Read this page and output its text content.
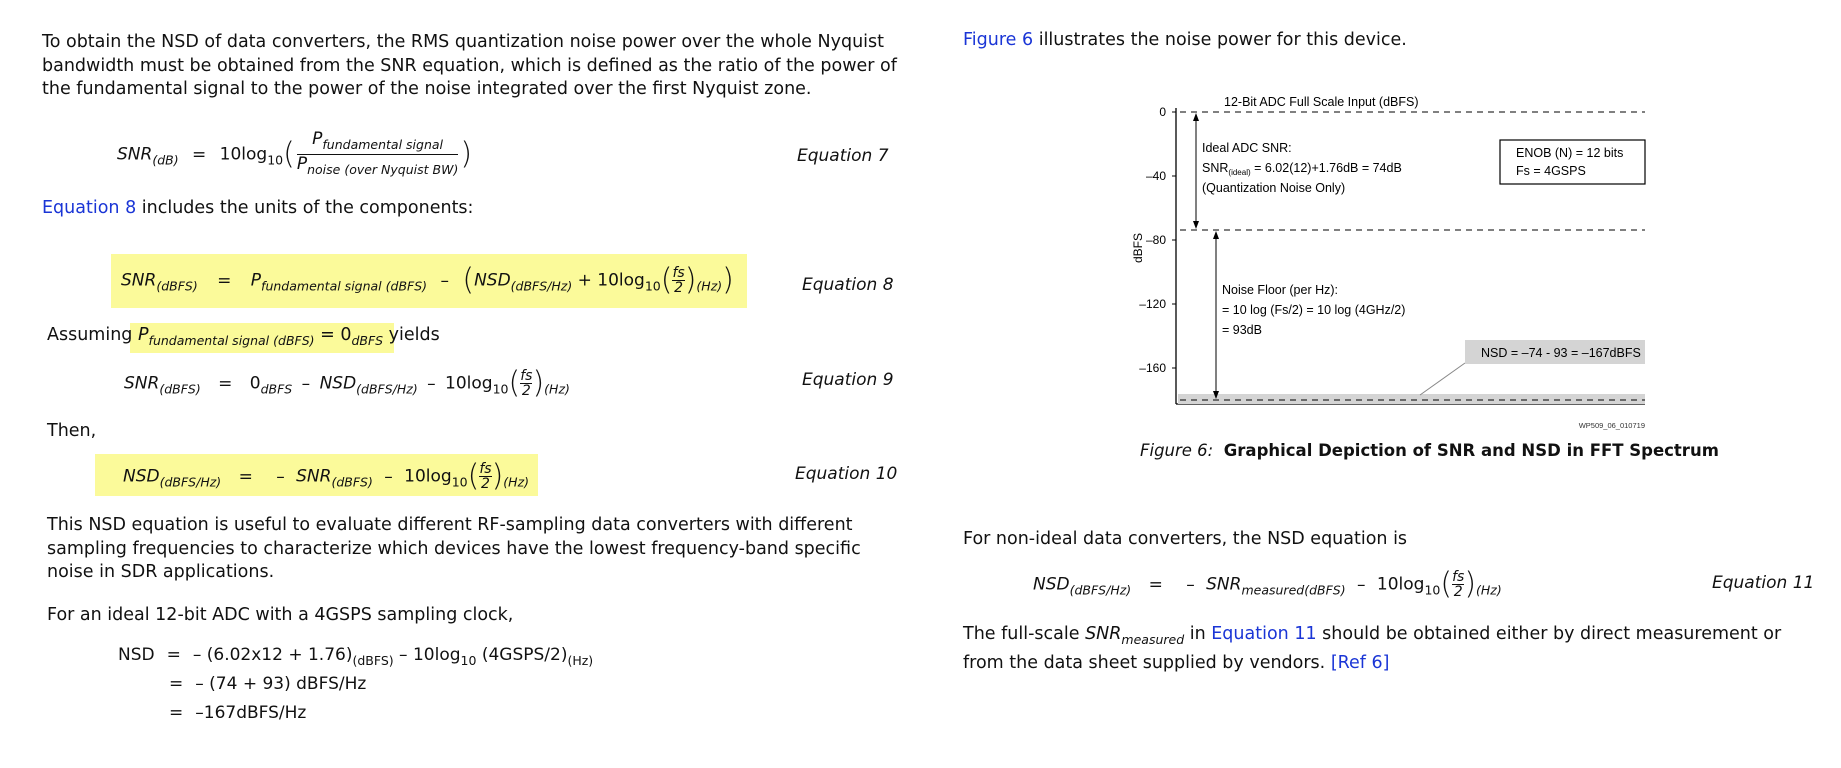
To obtain the NSD of data converters, the RMS quantization noise power over the whole Nyquist bandwidth must be obtained from the SNR equation, which is defined as the ratio of the power of the fundamental signal to the power of the noise integrated over the first Nyquist zone.
$SNR_{(dB)} = 10\log_{10}$(	$P_{fundamental signal}$
$P_{noise (over Nyquist BW)}$ )	Equation 7
Equation 8 includes the units of the components:
$SNR_{(dBFS)} = P_{fundamental signal (dBFS)} - (NSD_{(dBFS/Hz)} + 10\log_{10}( \frac{fs}{2} )_{(Hz)})$	Equation 8
Assuming $P_{fundamental signal (dBFS)} = 0_{dBFS}$ yields
$SNR_{(dBFS)} = 0_{dBFS} - NSD_{(dBFS/Hz)} - 10\log_{10}( \frac{fs}{2} )_{(Hz)}$	Equation 9
Then,
$NSD_{(dBFS/Hz)}$ = – $SNR_{(dBFS)} - 10\log_{10}( \frac{fs}{2} )_{(Hz)}$	Equation 10
This NSD equation is useful to evaluate different RF-sampling data converters with different sampling frequencies to characterize which devices have the lowest frequency-band specific noise in SDR applications.
For an ideal 12-bit ADC with a 4GSPS sampling clock,
NSD = – $(6.02x12 + 1.76)_{(dBFS)} - 10\log_{10}$ $(4GSPS/2)_{(Hz)}$
= – (74 + 93) dBFS/Hz
= –167dBFS/Hz
Figure 6 illustrates the noise power for this device.
0
–40
–80
–120
–160
dBFS
12-Bit ADC Full Scale Input (dBFS)
Ideal ADC SNR:
$SNR_{(ideal)} = 6.02(12)+1.76dB = 74dB$
(Quantization Noise Only)
ENOB (N) = 12 bits
Fs = 4GSPS
Noise Floor (per Hz):
= 10 log (Fs/2) = 10 log (4GHz/2)
= 93dB
NSD = –74 - 93 = –167dBFS
WP509_06_010719
Figure 6: Graphical Depiction of SNR and NSD in FFT Spectrum
For non-ideal data converters, the NSD equation is
$NSD_{(dBFS/Hz)}$ = – $SNR_{measured(dBFS)} - 10\log_{10}( \frac{fs}{2} )_{(Hz)}$	Equation 11
The full-scale $SNR_{measured}$ in Equation 11 should be obtained either by direct measurement or from the data sheet supplied by vendors. [Ref 6]
